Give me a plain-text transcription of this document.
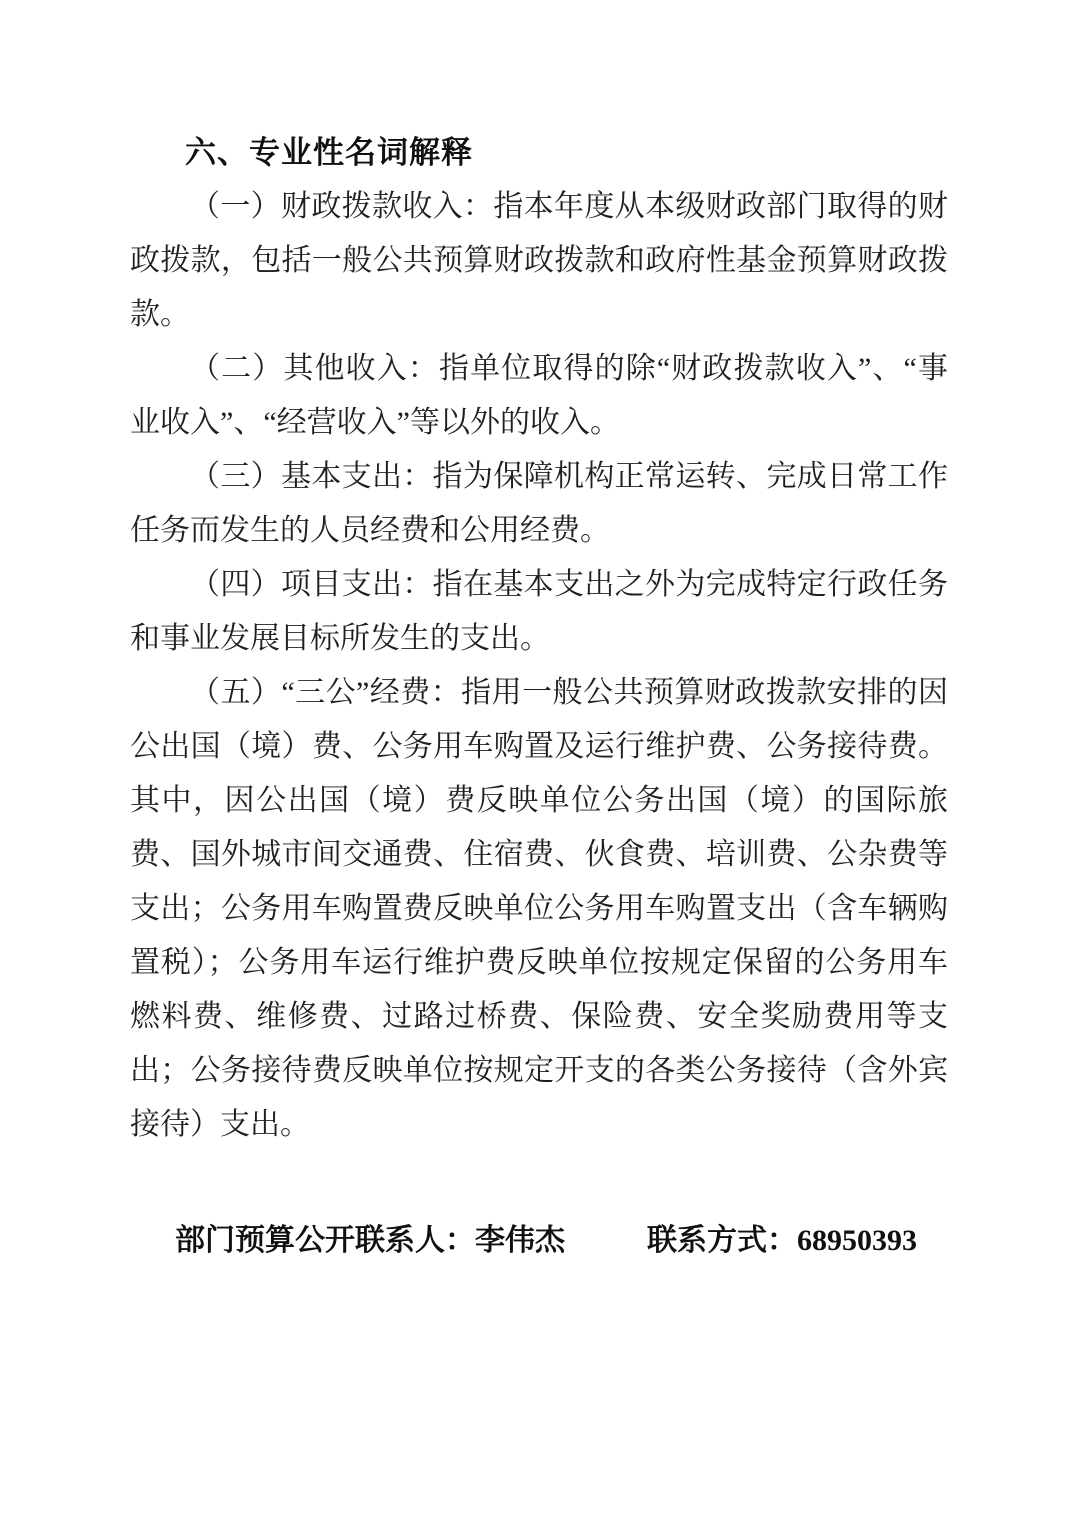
六、专业性名词解释

（一）财政拨款收入：指本年度从本级财政部门取得的财政拨款，包括一般公共预算财政拨款和政府性基金预算财政拨款。

（二）其他收入：指单位取得的除“财政拨款收入”、“事业收入”、“经营收入”等以外的收入。

（三）基本支出：指为保障机构正常运转、完成日常工作任务而发生的人员经费和公用经费。

（四）项目支出：指在基本支出之外为完成特定行政任务和事业发展目标所发生的支出。

（五）“三公”经费：指用一般公共预算财政拨款安排的因公出国（境）费、公务用车购置及运行维护费、公务接待费。其中，因公出国（境）费反映单位公务出国（境）的国际旅费、国外城市间交通费、住宿费、伙食费、培训费、公杂费等支出；公务用车购置费反映单位公务用车购置支出（含车辆购置税）；公务用车运行维护费反映单位按规定保留的公务用车燃料费、维修费、过路过桥费、保险费、安全奖励费用等支出；公务接待费反映单位按规定开支的各类公务接待（含外宾接待）支出。

部门预算公开联系人：李伟杰	联系方式：68950393
